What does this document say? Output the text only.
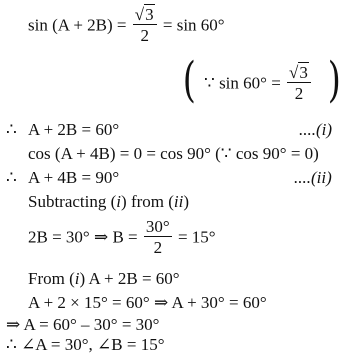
$\sin (A + 2B) = \frac{√3}{2} = \sin 60^\circ$
( ∵ $\sin 60^\circ = \frac{√3}{2}$ )
∴ A + 2B = 60°	....(i)
cos (A + 4B) = 0 = cos 90° (∵ cos 90° = 0)
∴ A + 4B = 90°	....(ii)
Subtracting (i) from (ii)
2B = 30° ⇒ $B = \frac{30^\circ}{2} = 15^\circ$
From (i) A + 2B = 60°
A + 2 × 15° = 60° ⇒ A + 30° = 60°
⇒ A = 60° – 30° = 30°
∴ ∠A = 30°, ∠B = 15°
